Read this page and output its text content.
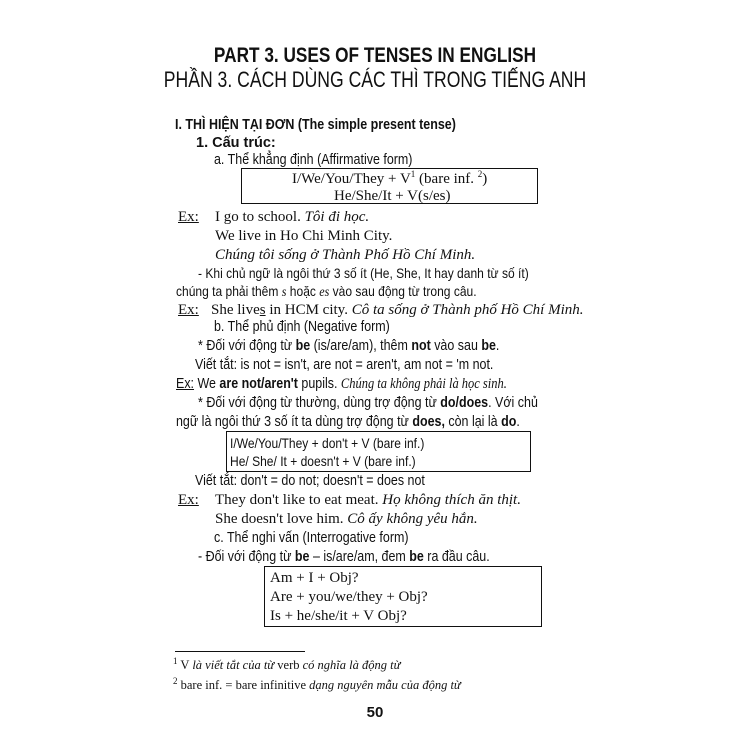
PART 3. USES OF TENSES IN ENGLISH
PHẦN 3. CÁCH DÙNG CÁC THÌ TRONG TIẾNG ANH
I. THÌ HIỆN TẠI ĐƠN (The simple present tense)
1. Cấu trúc:
a. Thể khẳng định (Affirmative form)
I/We/You/They + $V^1$ (bare inf. $^2$)
He/She/It + V(s/es)
Ex: I go to school. Tôi đi học.
We live in Ho Chi Minh City.
Chúng tôi sống ở Thành Phố Hồ Chí Minh.
- Khi chủ ngữ là ngôi thứ 3 số ít (He, She, It hay danh từ số ít)
chúng ta phải thêm s hoặc es vào sau động từ trong câu.
Ex: She lives in HCM city. Cô ta sống ở Thành phố Hồ Chí Minh.
b. Thể phủ định (Negative form)
* Đối với động từ be (is/are/am), thêm not vào sau be.
Viết tắt: is not = isn't, are not = aren't, am not = 'm not.
Ex: We are not/aren't pupils. Chúng ta không phải là học sinh.
* Đối với động từ thường, dùng trợ động từ do/does. Với chủ
ngữ là ngôi thứ 3 số ít ta dùng trợ động từ does, còn lại là do.
I/We/You/They + don't + V (bare inf.)
He/ She/ It + doesn't + V (bare inf.)
Viết tắt: don't = do not; doesn't = does not
Ex: They don't like to eat meat. Họ không thích ăn thịt.
She doesn't love him. Cô ấy không yêu hắn.
c. Thể nghi vấn (Interrogative form)
- Đối với động từ be – is/are/am, đem be ra đầu câu.
Am + I + Obj?
Are + you/we/they + Obj?
Is + he/she/it + V Obj?
$^1$ V là viết tắt của từ verb có nghĩa là động từ
$^2$ bare inf. = bare infinitive dạng nguyên mẫu của động từ
50
